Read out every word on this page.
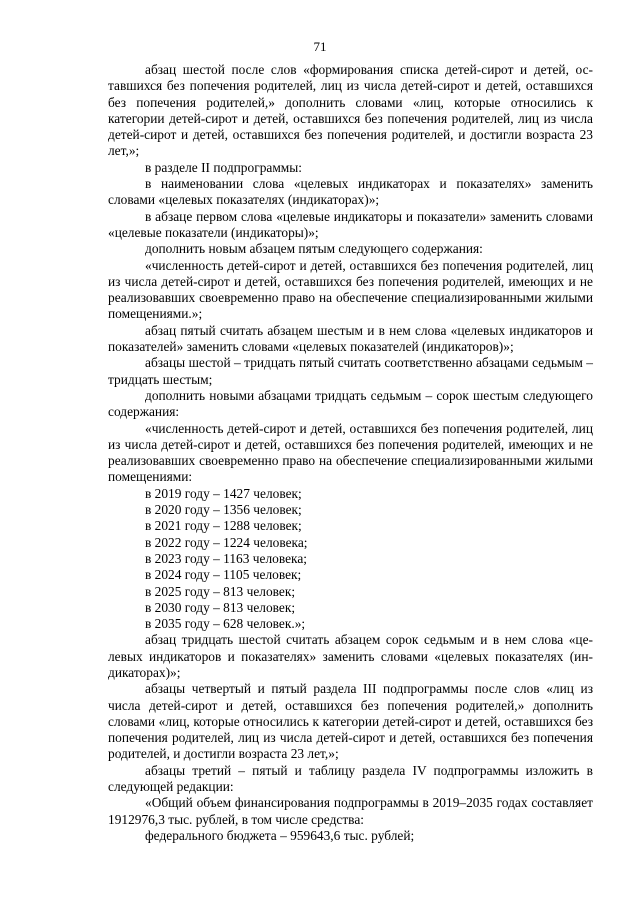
71

абзац шестой после слов «формирования списка детей-сирот и детей, оставшихся без попечения родителей, лиц из числа детей-сирот и детей, оставшихся без попечения родителей,» дополнить словами «лиц, которые относились к категории детей-сирот и детей, оставшихся без попечения родителей, лиц из числа детей-сирот и детей, оставшихся без попечения родителей, и достигли возраста 23 лет,»;

в разделе II подпрограммы:

в наименовании слова «целевых индикаторах и показателях» заменить словами «целевых показателях (индикаторах)»;

в абзаце первом слова «целевые индикаторы и показатели» заменить словами «целевые показатели (индикаторы)»;

дополнить новым абзацем пятым следующего содержания:

«численность детей-сирот и детей, оставшихся без попечения родителей, лиц из числа детей-сирот и детей, оставшихся без попечения родителей, имеющих и не реализовавших своевременно право на обеспечение специализированными жилыми помещениями.»;

абзац пятый считать абзацем шестым и в нем слова «целевых индикаторов и показателей» заменить словами «целевых показателей (индикаторов)»;

абзацы шестой – тридцать пятый считать соответственно абзацами седьмым – тридцать шестым;

дополнить новыми абзацами тридцать седьмым – сорок шестым следующего содержания:

«численность детей-сирот и детей, оставшихся без попечения родителей, лиц из числа детей-сирот и детей, оставшихся без попечения родителей, имеющих и не реализовавших своевременно право на обеспечение специализированными жилыми помещениями:

в 2019 году – 1427 человек;

в 2020 году – 1356 человек;

в 2021 году – 1288 человек;

в 2022 году – 1224 человека;

в 2023 году – 1163 человека;

в 2024 году – 1105 человек;

в 2025 году – 813 человек;

в 2030 году – 813 человек;

в 2035 году – 628 человек.»;

абзац тридцать шестой считать абзацем сорок седьмым и в нем слова «целевых индикаторов и показателях» заменить словами «целевых показателях (индикаторах)»;

абзацы четвертый и пятый раздела III подпрограммы после слов «лиц из числа детей-сирот и детей, оставшихся без попечения родителей,» дополнить словами «лиц, которые относились к категории детей-сирот и детей, оставшихся без попечения родителей, лиц из числа детей-сирот и детей, оставшихся без попечения родителей, и достигли возраста 23 лет,»;

абзацы третий – пятый и таблицу раздела IV подпрограммы изложить в следующей редакции:

«Общий объем финансирования подпрограммы в 2019–2035 годах составляет 1912976,3 тыс. рублей, в том числе средства:

федерального бюджета – 959643,6 тыс. рублей;
